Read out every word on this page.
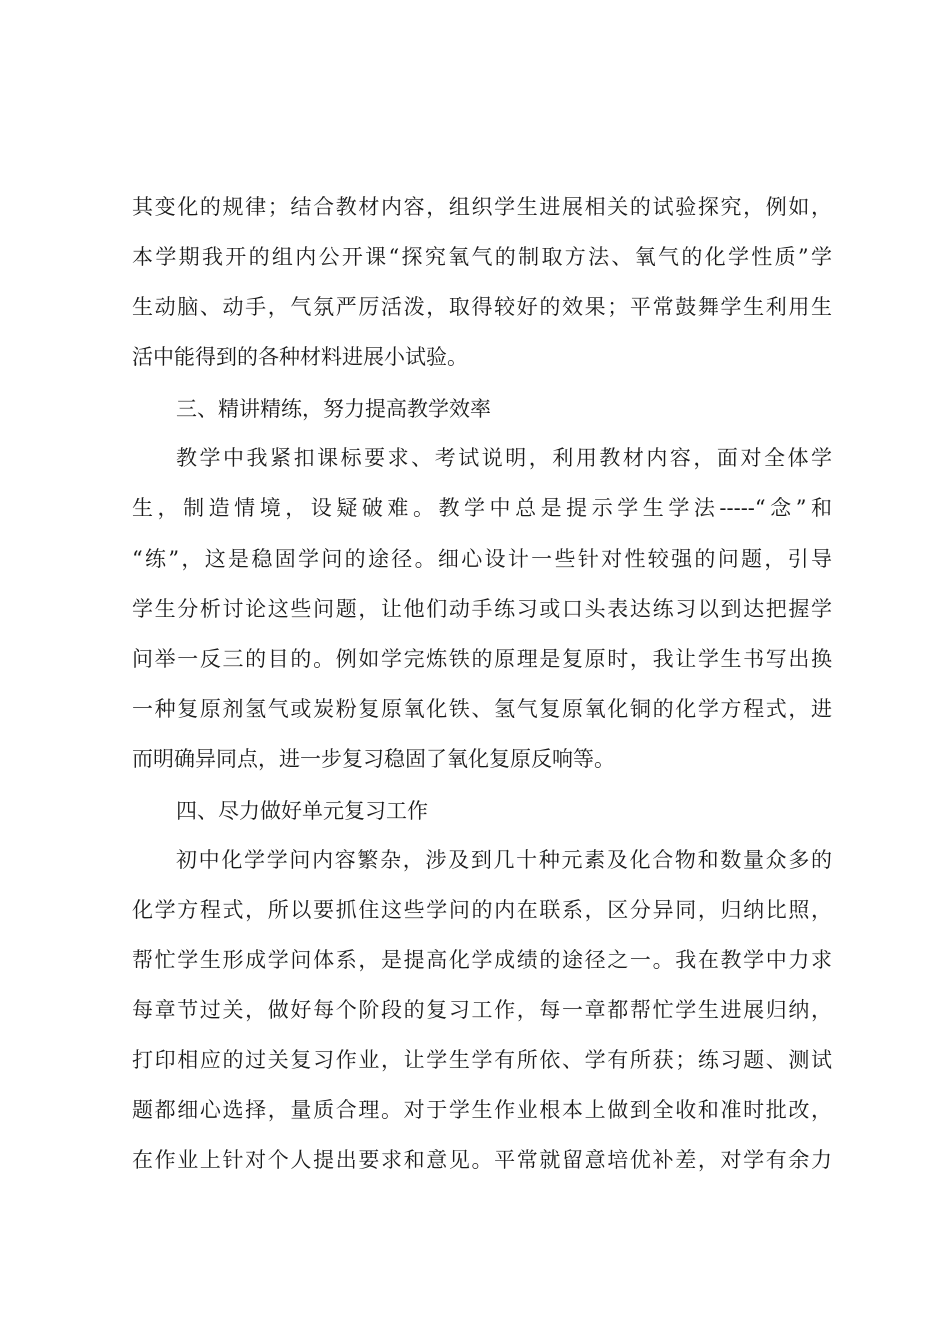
其变化的规律；结合教材内容，组织学生进展相关的试验探究，例如，
本学期我开的组内公开课“探究氧气的制取方法、氧气的化学性质”学
生动脑、动手，气氛严厉活泼，取得较好的效果；平常鼓舞学生利用生
活中能得到的各种材料进展小试验。
三、精讲精练，努力提高教学效率
教学中我紧扣课标要求、考试说明，利用教材内容，面对全体学
生，制造情境，设疑破难。教学中总是提示学生学法-----“念”和
“练”，这是稳固学问的途径。细心设计一些针对性较强的问题，引导
学生分析讨论这些问题，让他们动手练习或口头表达练习以到达把握学
问举一反三的目的。例如学完炼铁的原理是复原时，我让学生书写出换
一种复原剂氢气或炭粉复原氧化铁、氢气复原氧化铜的化学方程式，进
而明确异同点，进一步复习稳固了氧化复原反响等。
四、尽力做好单元复习工作
初中化学学问内容繁杂，涉及到几十种元素及化合物和数量众多的
化学方程式，所以要抓住这些学问的内在联系，区分异同，归纳比照，
帮忙学生形成学问体系，是提高化学成绩的途径之一。我在教学中力求
每章节过关，做好每个阶段的复习工作，每一章都帮忙学生进展归纳，
打印相应的过关复习作业，让学生学有所依、学有所获；练习题、测试
题都细心选择，量质合理。对于学生作业根本上做到全收和准时批改，
在作业上针对个人提出要求和意见。平常就留意培优补差，对学有余力
